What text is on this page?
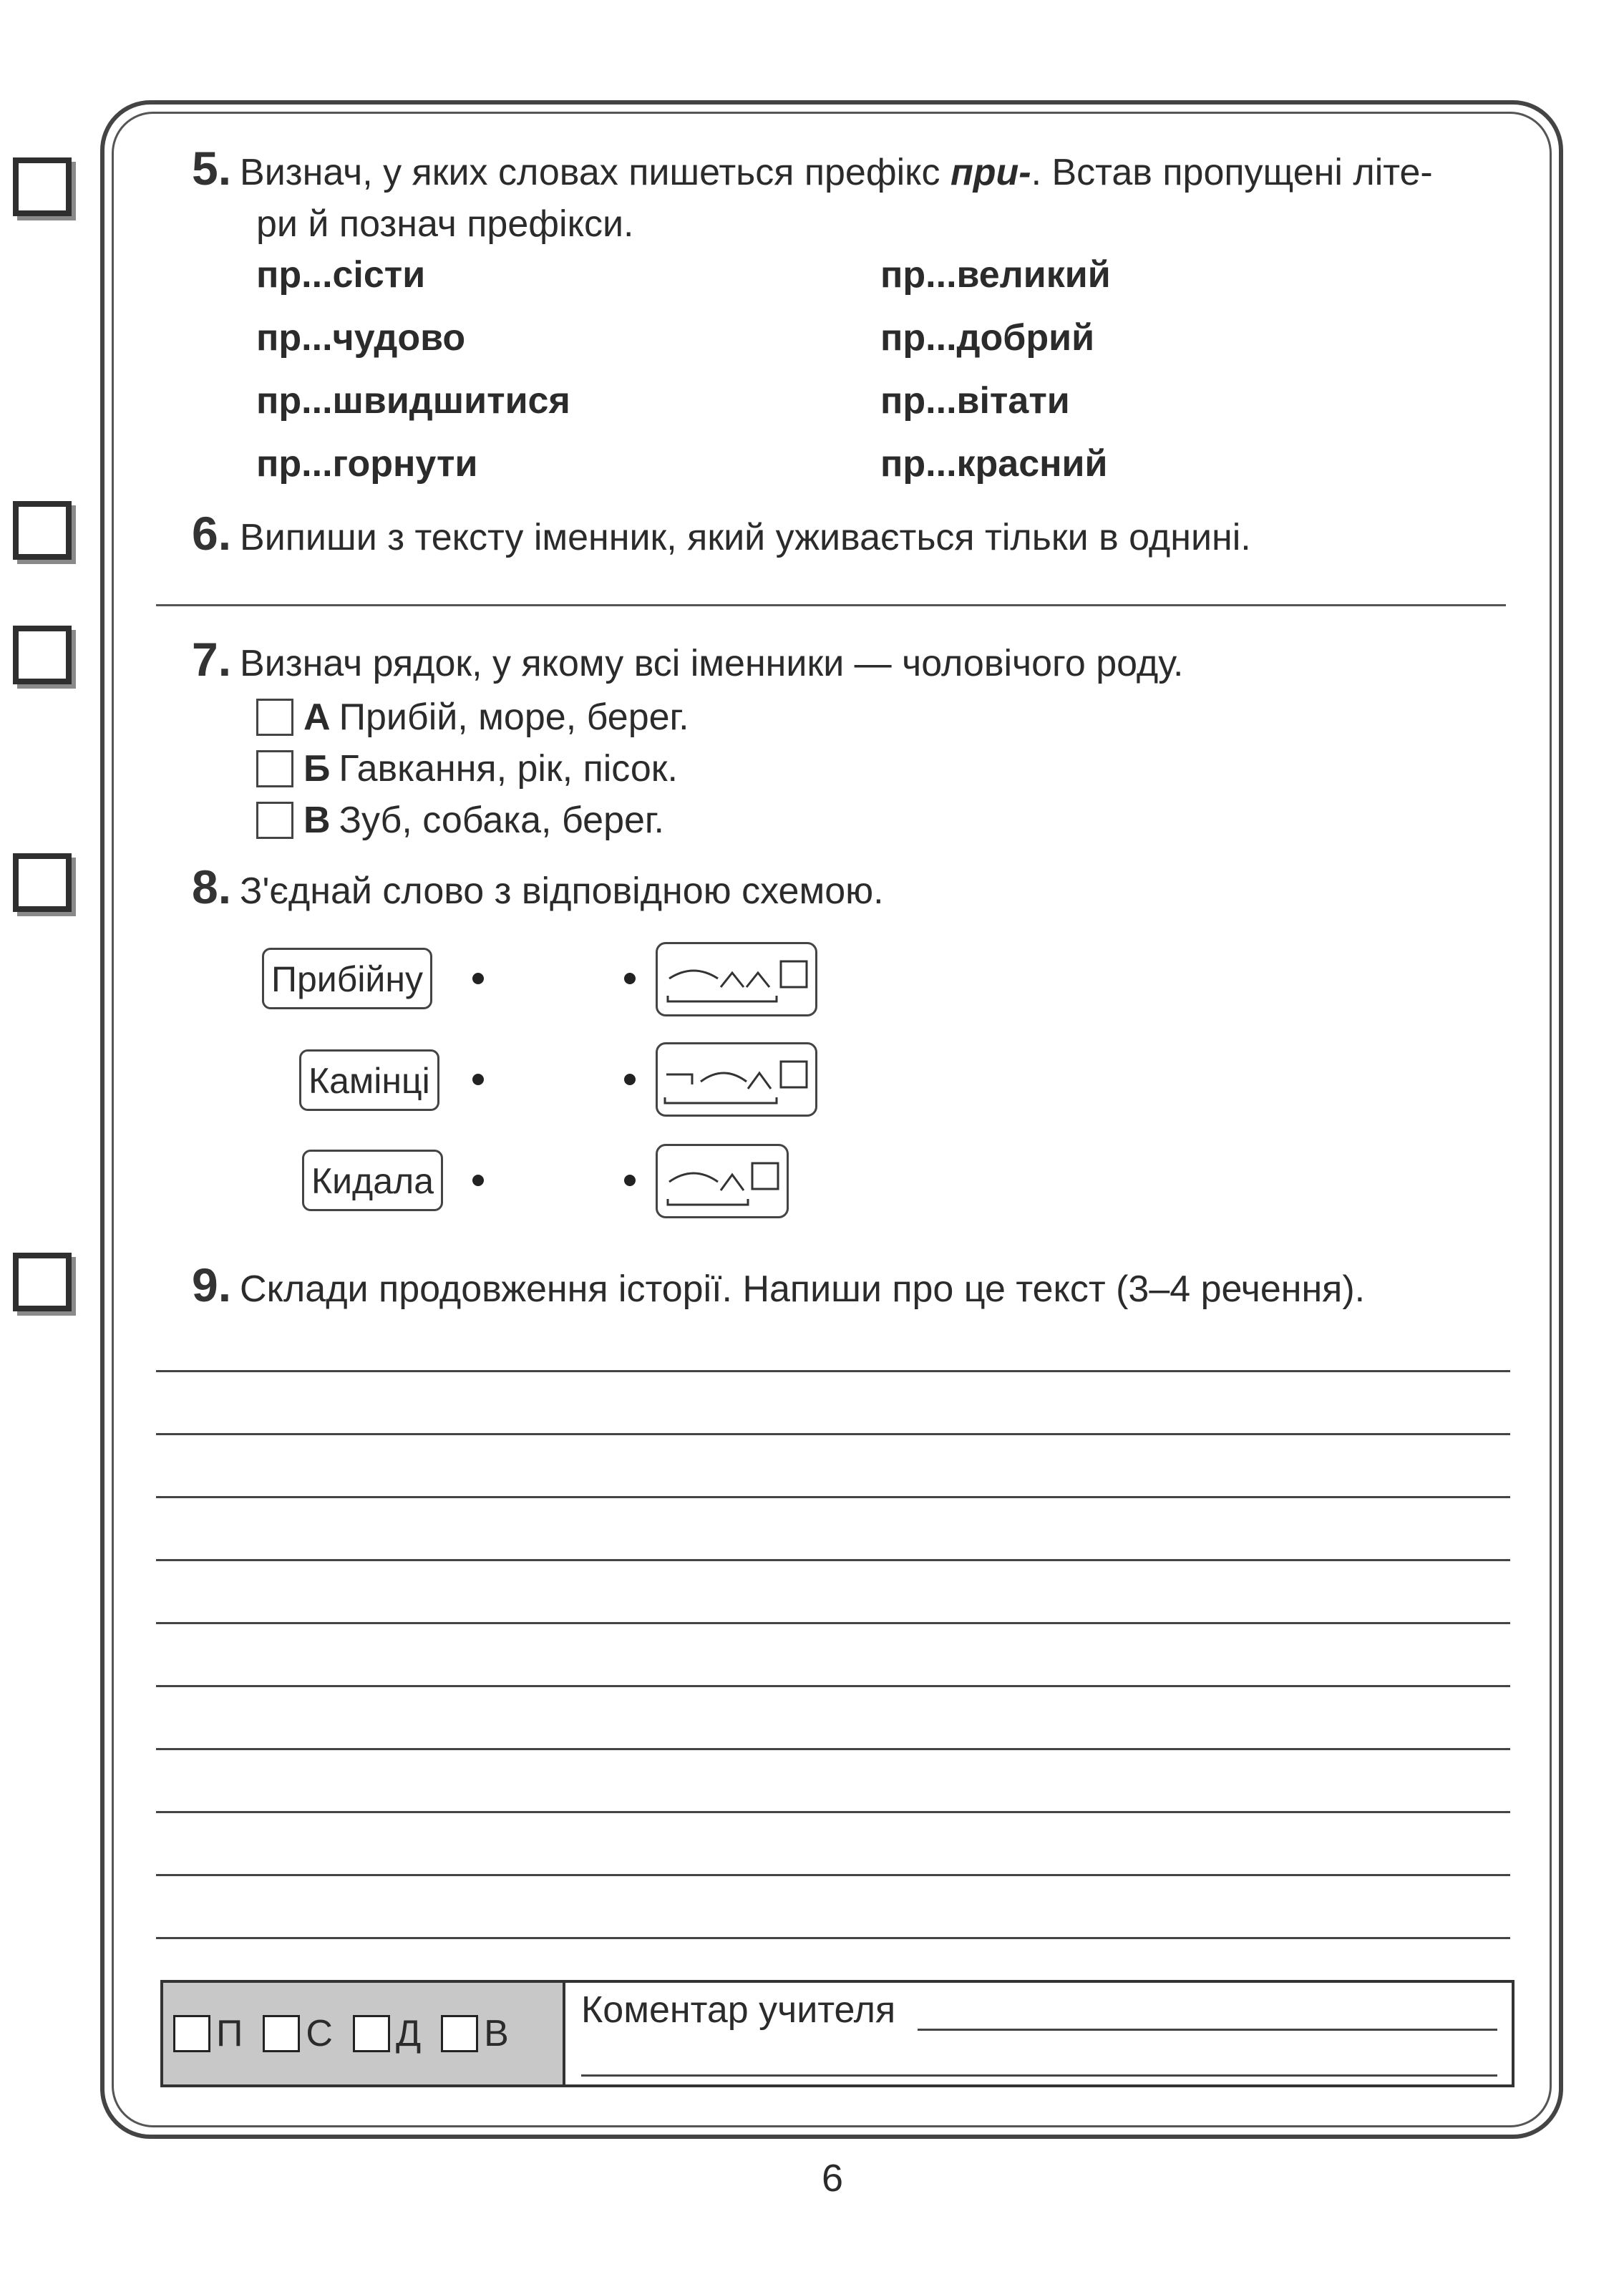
5. Визнач, у яких словах пишеться префікс при-. Встав пропущені літе-
ри й познач префікси.
пр...сісти
пр...чудово
пр...швидшитися
пр...горнути
пр...великий
пр...добрий
пр...вітати
пр...красний
6. Випиши з тексту іменник, який уживається тільки в однині.
7. Визнач рядок, у якому всі іменники — чоловічого роду.
А Прибій, море, берег.
Б Гавкання, рік, пісок.
В Зуб, собака, берег.
8. З'єднай слово з відповідною схемою.
Прибійну
Камінці
Кидала
9. Склади продовження історії. Напиши про це текст (3–4 речення).
П С Д В
Коментар учителя
6
